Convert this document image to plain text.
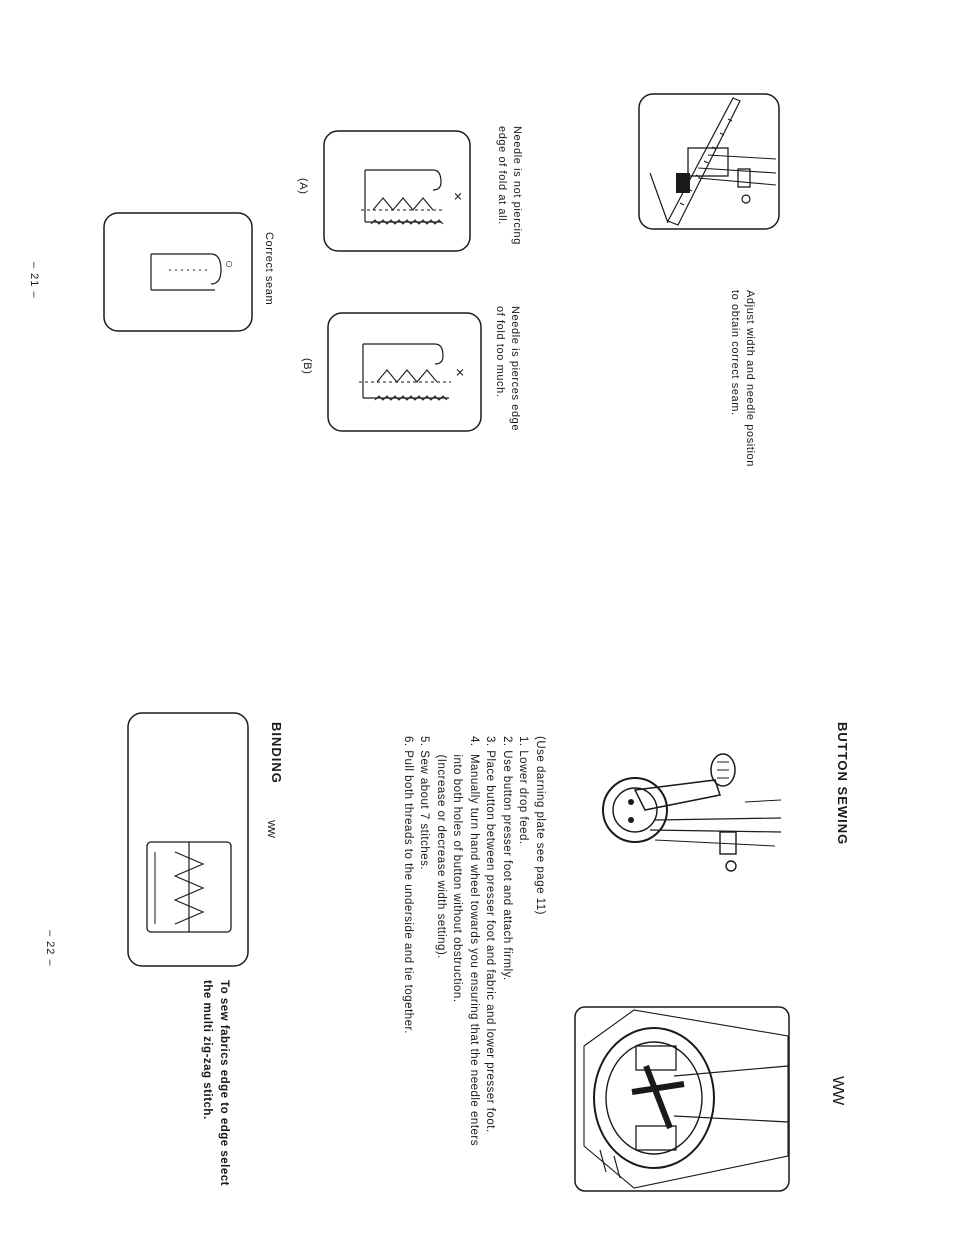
Adjust width and needle position
to obtain correct seam.
×	Needle is not piercing
edge of fold at all.
(A)
×	Needle is pierces edge
of fold too much.
(B)
○ Correct seam
– 21 –
BUTTON SEWING
WW
(Use darning plate see page 11)
1. Lower drop feed.
2. Use button presser foot and attach firmly.
3. Place button between presser foot and fabric and lower presser foot.
4.  Manually turn hand wheel towards you ensuring that the needle enters
into both holes of button without obstruction.
(Increase or decrease width setting).
5. Sew about 7 stitches.
6. Pull both threads to the underside and tie together.
BINDING
WW
To sew fabrics edge to edge select
the multi zig-zag stitch.
– 22 –
